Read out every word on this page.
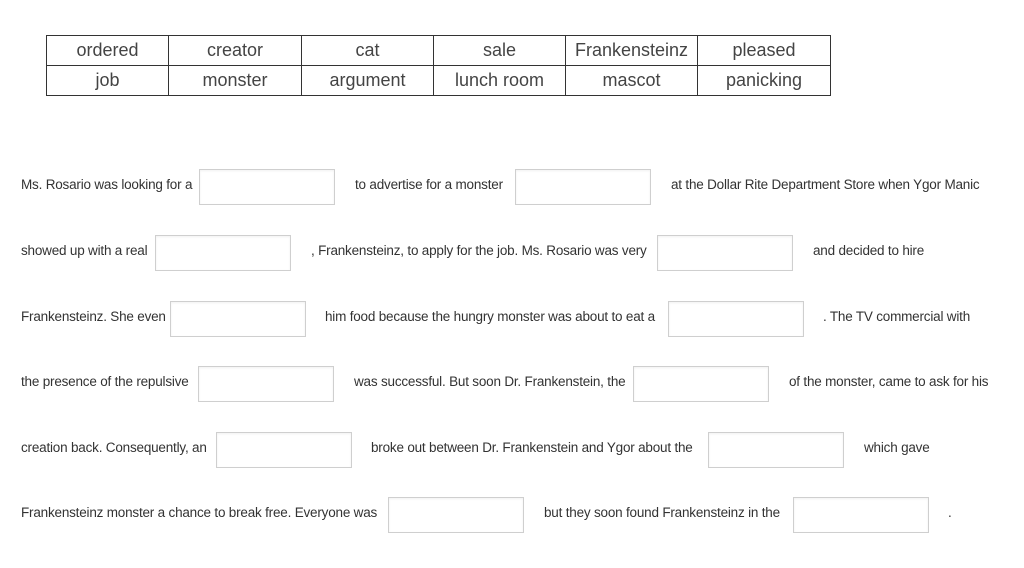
ordered	creator	cat	sale	Frankensteinz	pleased
job	monster	argument	lunch room	mascot	panicking
Ms. Rosario was looking for a	to advertise for a monster	at the Dollar Rite Department Store when Ygor Manic
showed up with a real	, Frankensteinz, to apply for the job. Ms. Rosario was very	and decided to hire
Frankensteinz. She even	him food because the hungry monster was about to eat a	. The TV commercial with
the presence of the repulsive	was successful. But soon Dr. Frankenstein, the	of the monster, came to ask for his
creation back. Consequently, an	broke out between Dr. Frankenstein and Ygor about the	which gave
Frankensteinz monster a chance to break free. Everyone was	but they soon found Frankensteinz in the	.
